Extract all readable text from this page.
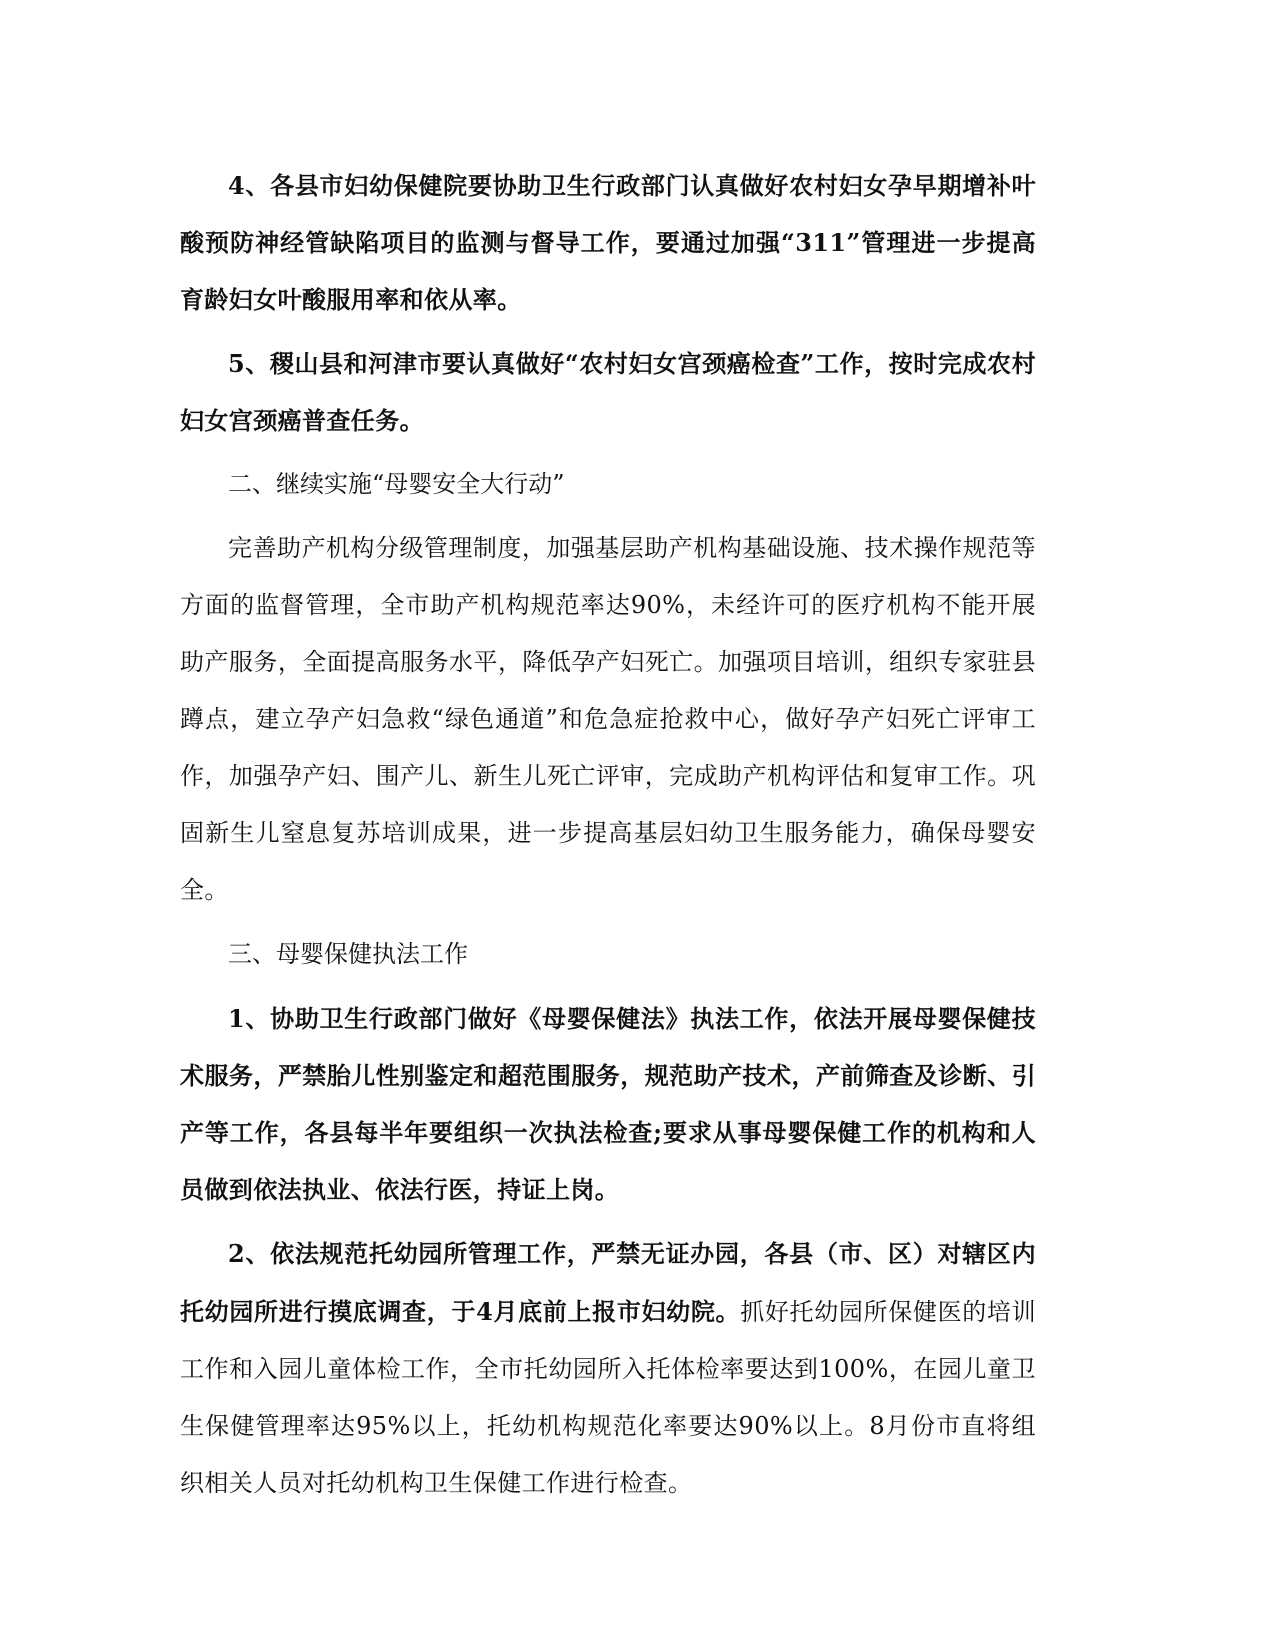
4、各县市妇幼保健院要协助卫生行政部门认真做好农村妇女孕早期增补叶酸预防神经管缺陷项目的监测与督导工作，要通过加强“311”管理进一步提高育龄妇女叶酸服用率和依从率。

5、稷山县和河津市要认真做好“农村妇女宫颈癌检查”工作，按时完成农村妇女宫颈癌普查任务。

二、继续实施“母婴安全大行动”

完善助产机构分级管理制度，加强基层助产机构基础设施、技术操作规范等方面的监督管理，全市助产机构规范率达90%，未经许可的医疗机构不能开展助产服务，全面提高服务水平，降低孕产妇死亡。加强项目培训，组织专家驻县蹲点，建立孕产妇急救“绿色通道”和危急症抢救中心，做好孕产妇死亡评审工作，加强孕产妇、围产儿、新生儿死亡评审，完成助产机构评估和复审工作。巩固新生儿窒息复苏培训成果，进一步提高基层妇幼卫生服务能力，确保母婴安全。

三、母婴保健执法工作

1、协助卫生行政部门做好《母婴保健法》执法工作，依法开展母婴保健技术服务，严禁胎儿性别鉴定和超范围服务，规范助产技术，产前筛查及诊断、引产等工作，各县每半年要组织一次执法检查;要求从事母婴保健工作的机构和人员做到依法执业、依法行医，持证上岗。

2、依法规范托幼园所管理工作，严禁无证办园，各县（市、区）对辖区内托幼园所进行摸底调查，于4月底前上报市妇幼院。抓好托幼园所保健医的培训工作和入园儿童体检工作，全市托幼园所入托体检率要达到100%，在园儿童卫生保健管理率达95%以上，托幼机构规范化率要达90%以上。8月份市直将组织相关人员对托幼机构卫生保健工作进行检查。
